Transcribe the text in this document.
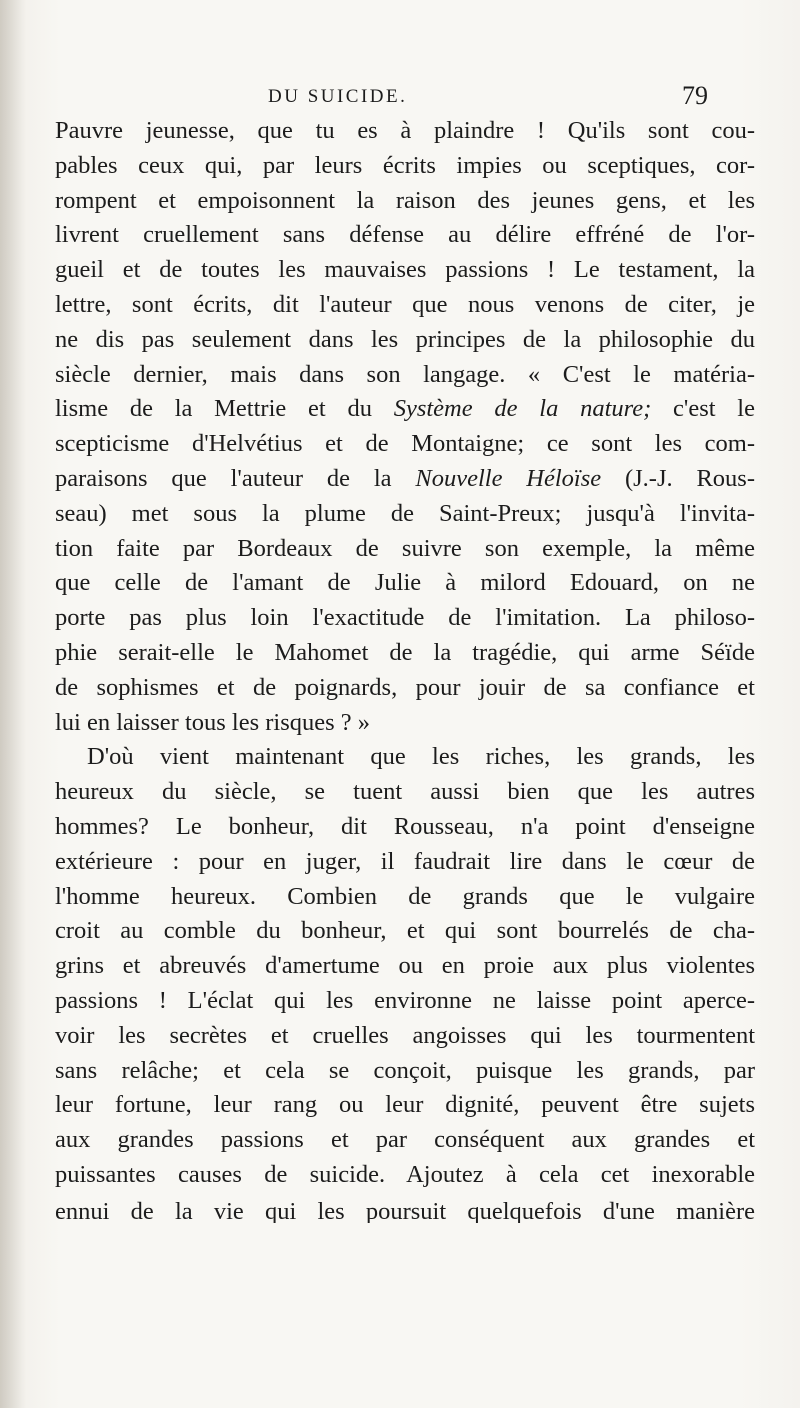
DU SUICIDE.	79
Pauvre jeunesse, que tu es à plaindre ! Qu'ils sont cou-
pables ceux qui, par leurs écrits impies ou sceptiques, cor-
rompent et empoisonnent la raison des jeunes gens, et les
livrent cruellement sans défense au délire effréné de l'or-
gueil et de toutes les mauvaises passions ! Le testament, la
lettre, sont écrits, dit l'auteur que nous venons de citer, je
ne dis pas seulement dans les principes de la philosophie du
siècle dernier, mais dans son langage. « C'est le matéria-
lisme de la Mettrie et du Système de la nature; c'est le
scepticisme d'Helvétius et de Montaigne; ce sont les com-
paraisons que l'auteur de la Nouvelle Héloïse (J.-J. Rous-
seau) met sous la plume de Saint-Preux; jusqu'à l'invita-
tion faite par Bordeaux de suivre son exemple, la même
que celle de l'amant de Julie à milord Edouard, on ne
porte pas plus loin l'exactitude de l'imitation. La philoso-
phie serait-elle le Mahomet de la tragédie, qui arme Séïde
de sophismes et de poignards, pour jouir de sa confiance et
lui en laisser tous les risques ? »
D'où vient maintenant que les riches, les grands, les
heureux du siècle, se tuent aussi bien que les autres
hommes? Le bonheur, dit Rousseau, n'a point d'enseigne
extérieure : pour en juger, il faudrait lire dans le cœur de
l'homme heureux. Combien de grands que le vulgaire
croit au comble du bonheur, et qui sont bourrelés de cha-
grins et abreuvés d'amertume ou en proie aux plus violentes
passions ! L'éclat qui les environne ne laisse point aperce-
voir les secrètes et cruelles angoisses qui les tourmentent
sans relâche; et cela se conçoit, puisque les grands, par
leur fortune, leur rang ou leur dignité, peuvent être sujets
aux grandes passions et par conséquent aux grandes et
puissantes causes de suicide. Ajoutez à cela cet inexorable
ennui de la vie qui les poursuit quelquefois d'une manière
